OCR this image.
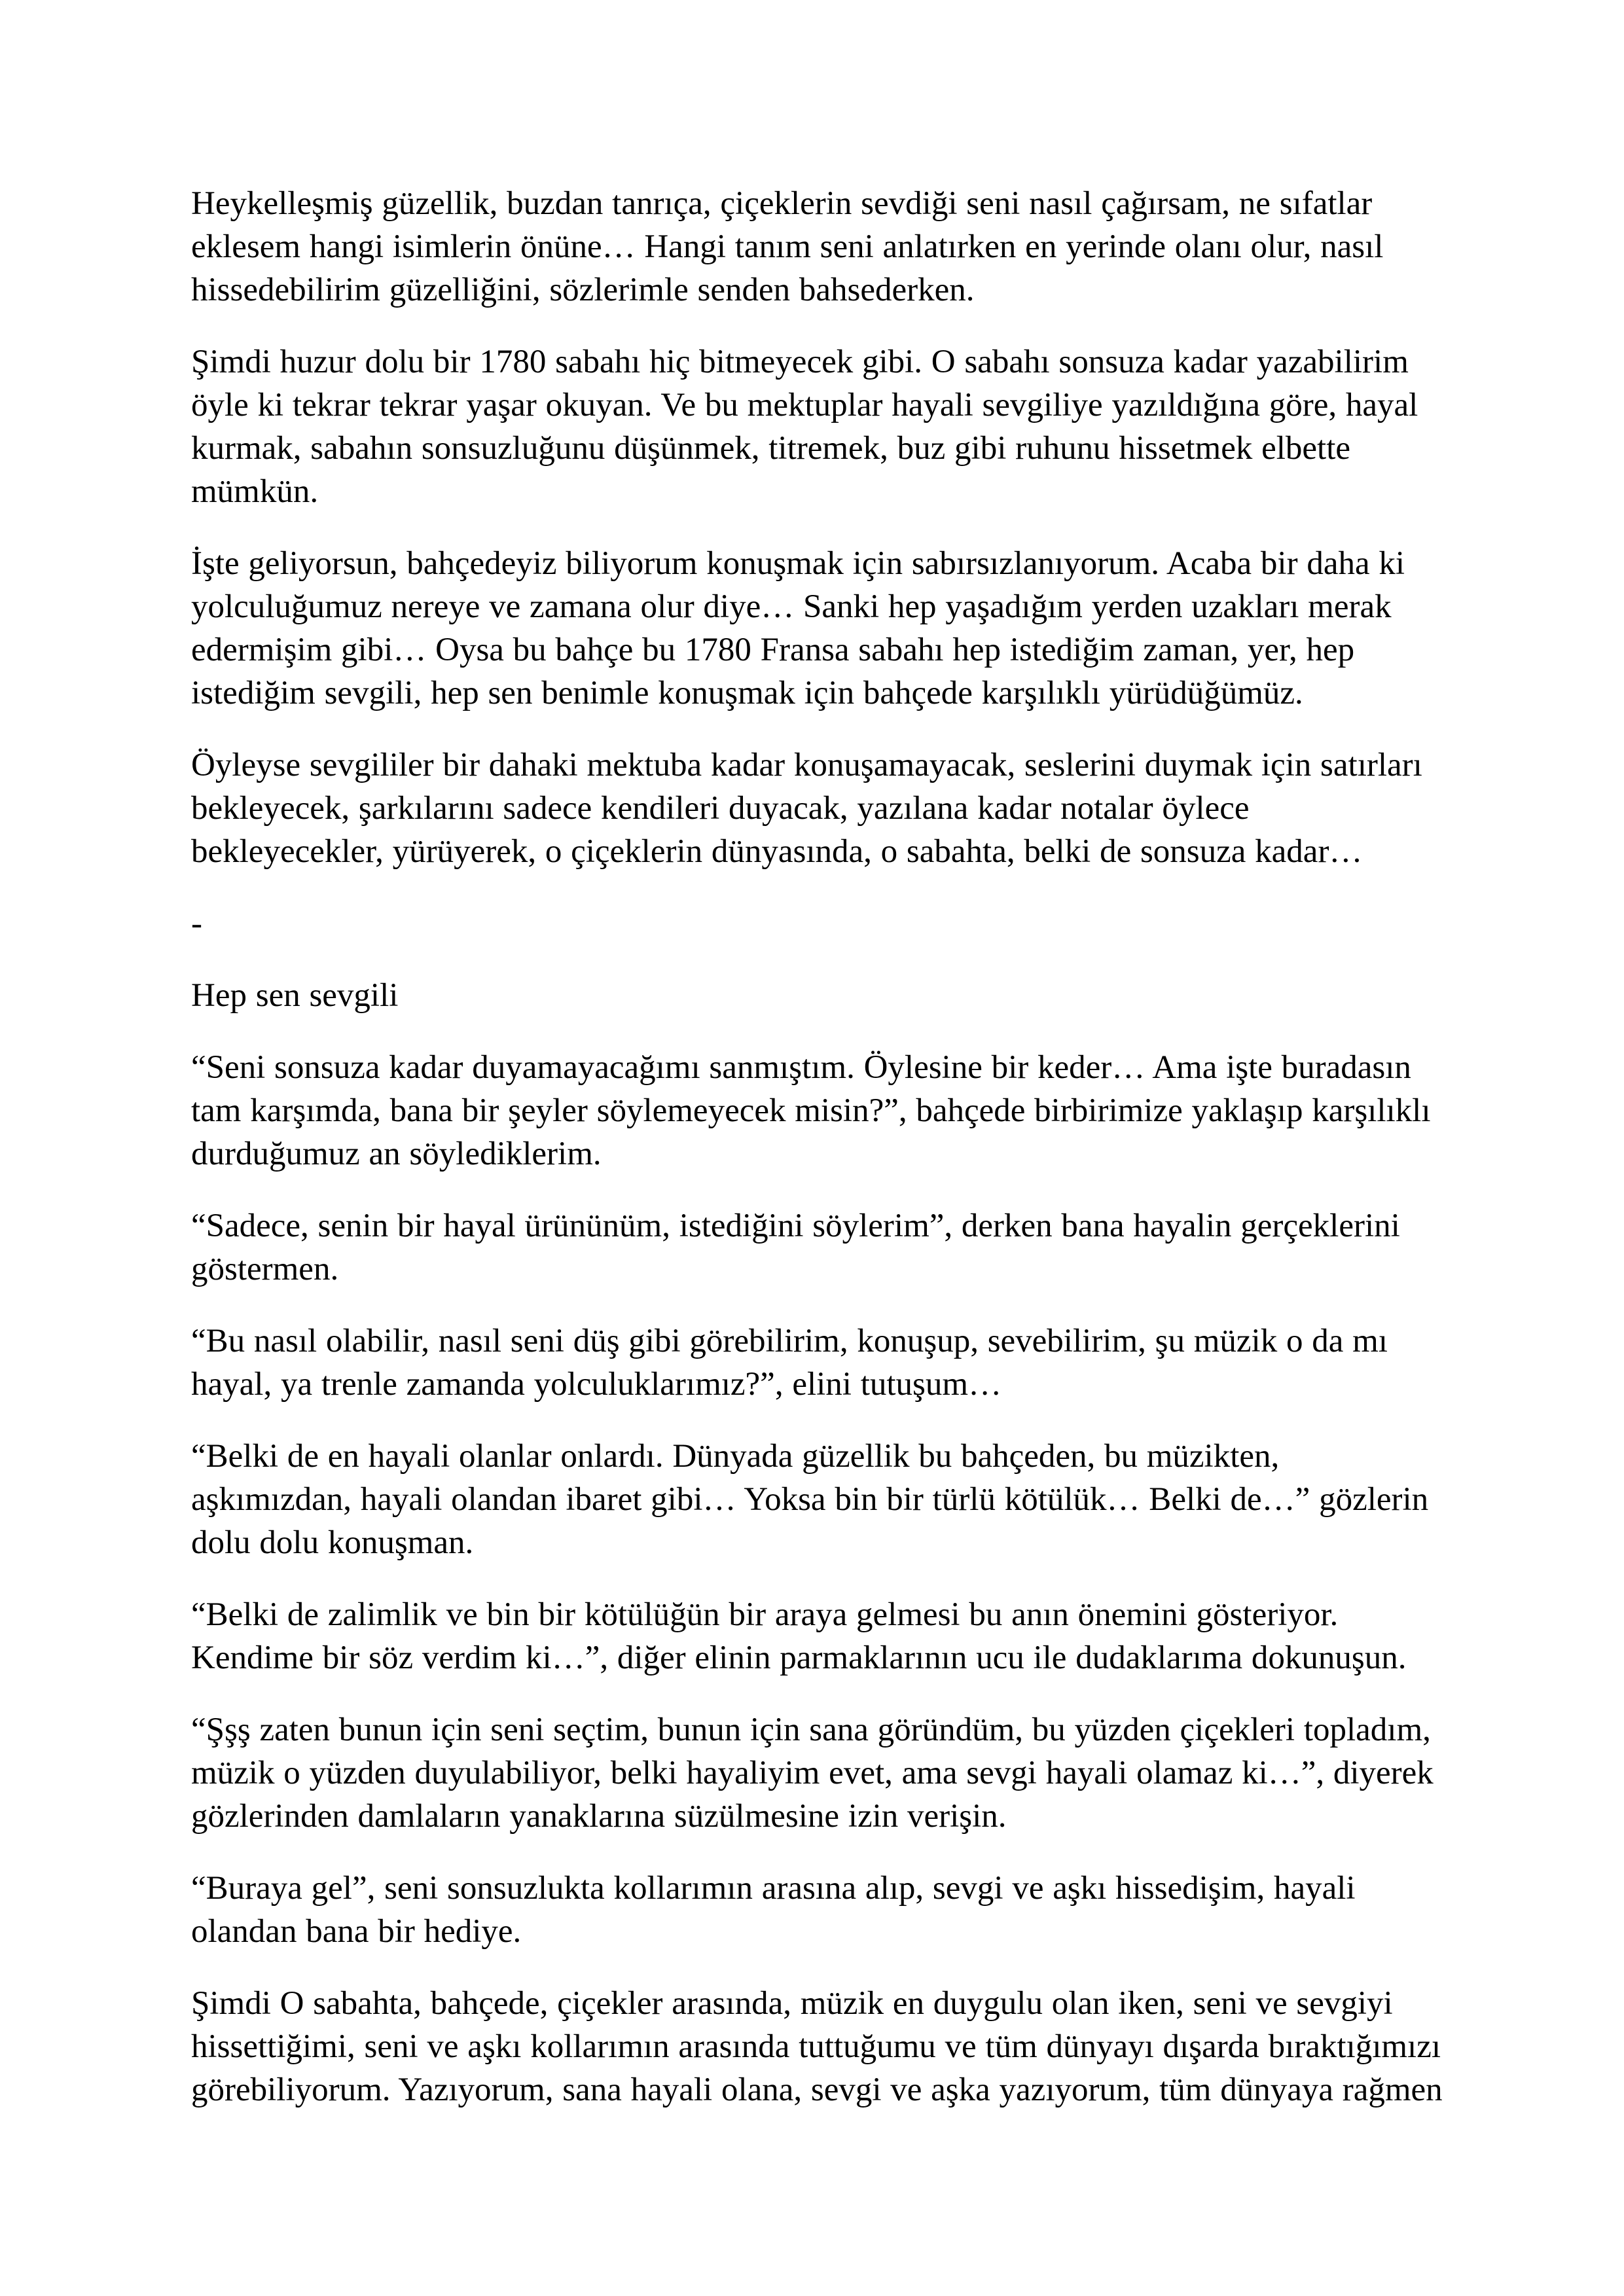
Heykelleşmiş güzellik, buzdan tanrıça, çiçeklerin sevdiği seni nasıl çağırsam, ne sıfatlar eklesem hangi isimlerin önüne… Hangi tanım seni anlatırken en yerinde olanı olur, nasıl hissedebilirim güzelliğini, sözlerimle senden bahsederken.

Şimdi huzur dolu bir 1780 sabahı hiç bitmeyecek gibi. O sabahı sonsuza kadar yazabilirim öyle ki tekrar tekrar yaşar okuyan. Ve bu mektuplar hayali sevgiliye yazıldığına göre, hayal kurmak, sabahın sonsuzluğunu düşünmek, titremek, buz gibi ruhunu hissetmek elbette mümkün.

İşte geliyorsun, bahçedeyiz biliyorum konuşmak için sabırsızlanıyorum. Acaba bir daha ki yolculuğumuz nereye ve zamana olur diye… Sanki hep yaşadığım yerden uzakları merak edermişim gibi… Oysa bu bahçe bu 1780 Fransa sabahı hep istediğim zaman, yer, hep istediğim sevgili, hep sen benimle konuşmak için bahçede karşılıklı yürüdüğümüz.

Öyleyse sevgililer bir dahaki mektuba kadar konuşamayacak, seslerini duymak için satırları bekleyecek, şarkılarını sadece kendileri duyacak, yazılana kadar notalar öylece bekleyecekler, yürüyerek, o çiçeklerin dünyasında, o sabahta, belki de sonsuza kadar…

-

Hep sen sevgili

“Seni sonsuza kadar duyamayacağımı sanmıştım. Öylesine bir keder… Ama işte buradasın tam karşımda, bana bir şeyler söylemeyecek misin?”, bahçede birbirimize yaklaşıp karşılıklı durduğumuz an söylediklerim.

“Sadece, senin bir hayal ürününüm, istediğini söylerim”, derken bana hayalin gerçeklerini göstermen.

“Bu nasıl olabilir, nasıl seni düş gibi görebilirim, konuşup, sevebilirim, şu müzik o da mı hayal, ya trenle zamanda yolculuklarımız?”, elini tutuşum…

“Belki de en hayali olanlar onlardı. Dünyada güzellik bu bahçeden, bu müzikten, aşkımızdan, hayali olandan ibaret gibi… Yoksa bin bir türlü kötülük… Belki de…” gözlerin dolu dolu konuşman.

“Belki de zalimlik ve bin bir kötülüğün bir araya gelmesi bu anın önemini gösteriyor. Kendime bir söz verdim ki…”, diğer elinin parmaklarının ucu ile dudaklarıma dokunuşun.

“Şşş zaten bunun için seni seçtim, bunun için sana göründüm, bu yüzden çiçekleri topladım, müzik o yüzden duyulabiliyor, belki hayaliyim evet, ama sevgi hayali olamaz ki…”, diyerek gözlerinden damlaların yanaklarına süzülmesine izin verişin.

“Buraya gel”, seni sonsuzlukta kollarımın arasına alıp, sevgi ve aşkı hissedişim, hayali olandan bana bir hediye.

Şimdi O sabahta, bahçede, çiçekler arasında, müzik en duygulu olan iken, seni ve sevgiyi hissettiğimi, seni ve aşkı kollarımın arasında tuttuğumu ve tüm dünyayı dışarda bıraktığımızı görebiliyorum. Yazıyorum, sana hayali olana, sevgi ve aşka yazıyorum, tüm dünyaya rağmen
